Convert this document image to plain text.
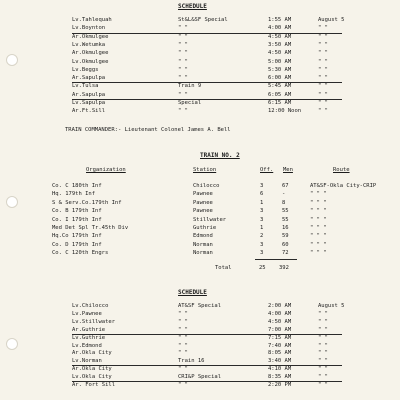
SCHEDULE
Lv.Tahlequah	St&L&SF Special	1:55 AM	August 5
Lv.Boynton	" "	4:00 AM	" "
Ar.Okmulgee	" "	4:50 AM	" "
Lv.Wetumka	" "	3:50 AM	" "
Ar.Okmulgee	" "	4:50 AM	" "
Lv.Okmulgee	" "	5:00 AM	" "
Lv.Beggs	" "	5:30 AM	" "
Ar.Sapulpa	" "	6:00 AM	" "
Lv.Tulsa	Train 9	5:45 AM	" "
Ar.Sapulpa	" "	6:05 AM	" "
Lv.Sapulpa	Special	6:15 AM	" "
Ar.Ft.Sill	" "	12:00 Noon	" "
TRAIN COMMANDER:- Lieutenant Colonel James A. Bell
TRAIN NO. 2
Organization	Station	Off. Men	Route
Co. C 180th Inf	Chilocco	3	67	AT&SF-Okla City-CRIP
Hq. 179th Inf	Pawnee	6	-	" " "
S & Serv.Co.179th Inf	Pawnee	1	8	" " "
Co. B 179th Inf	Pawnee	3	55	" " "
Co. I 179th Inf	Stillwater	3	55	" " "
Med Det Spl Tr.45th Div	Guthrie	1	16	" " "
Hq.Co 179th Inf	Edmond	2	59	" " "
Co. D 179th Inf	Norman	3	60	" " "
Co. C 120th Engrs	Norman	3	72	" " "
Total	25 392
SCHEDULE
Lv.Chilocco	AT&SF Special	2:00 AM	August 5
Lv.Pawnee	" "	4:00 AM	" "
Lv.Stillwater	" "	4:50 AM	" "
Ar.Guthrie	" "	7:00 AM	" "
Lv.Guthrie	" "	7:15 AM	" "
Lv.Edmond	" "	7:40 AM	" "
Ar.Okla City	" "	8:05 AM	" "
Lv.Norman	Train 16	3:40 AM	" "
Ar.Okla City	" "	4:10 AM	" "
Lv.Okla City	CRI&P Special	8:35 AM	" "
Ar. Fort Sill	" "	2:20 PM	" "
